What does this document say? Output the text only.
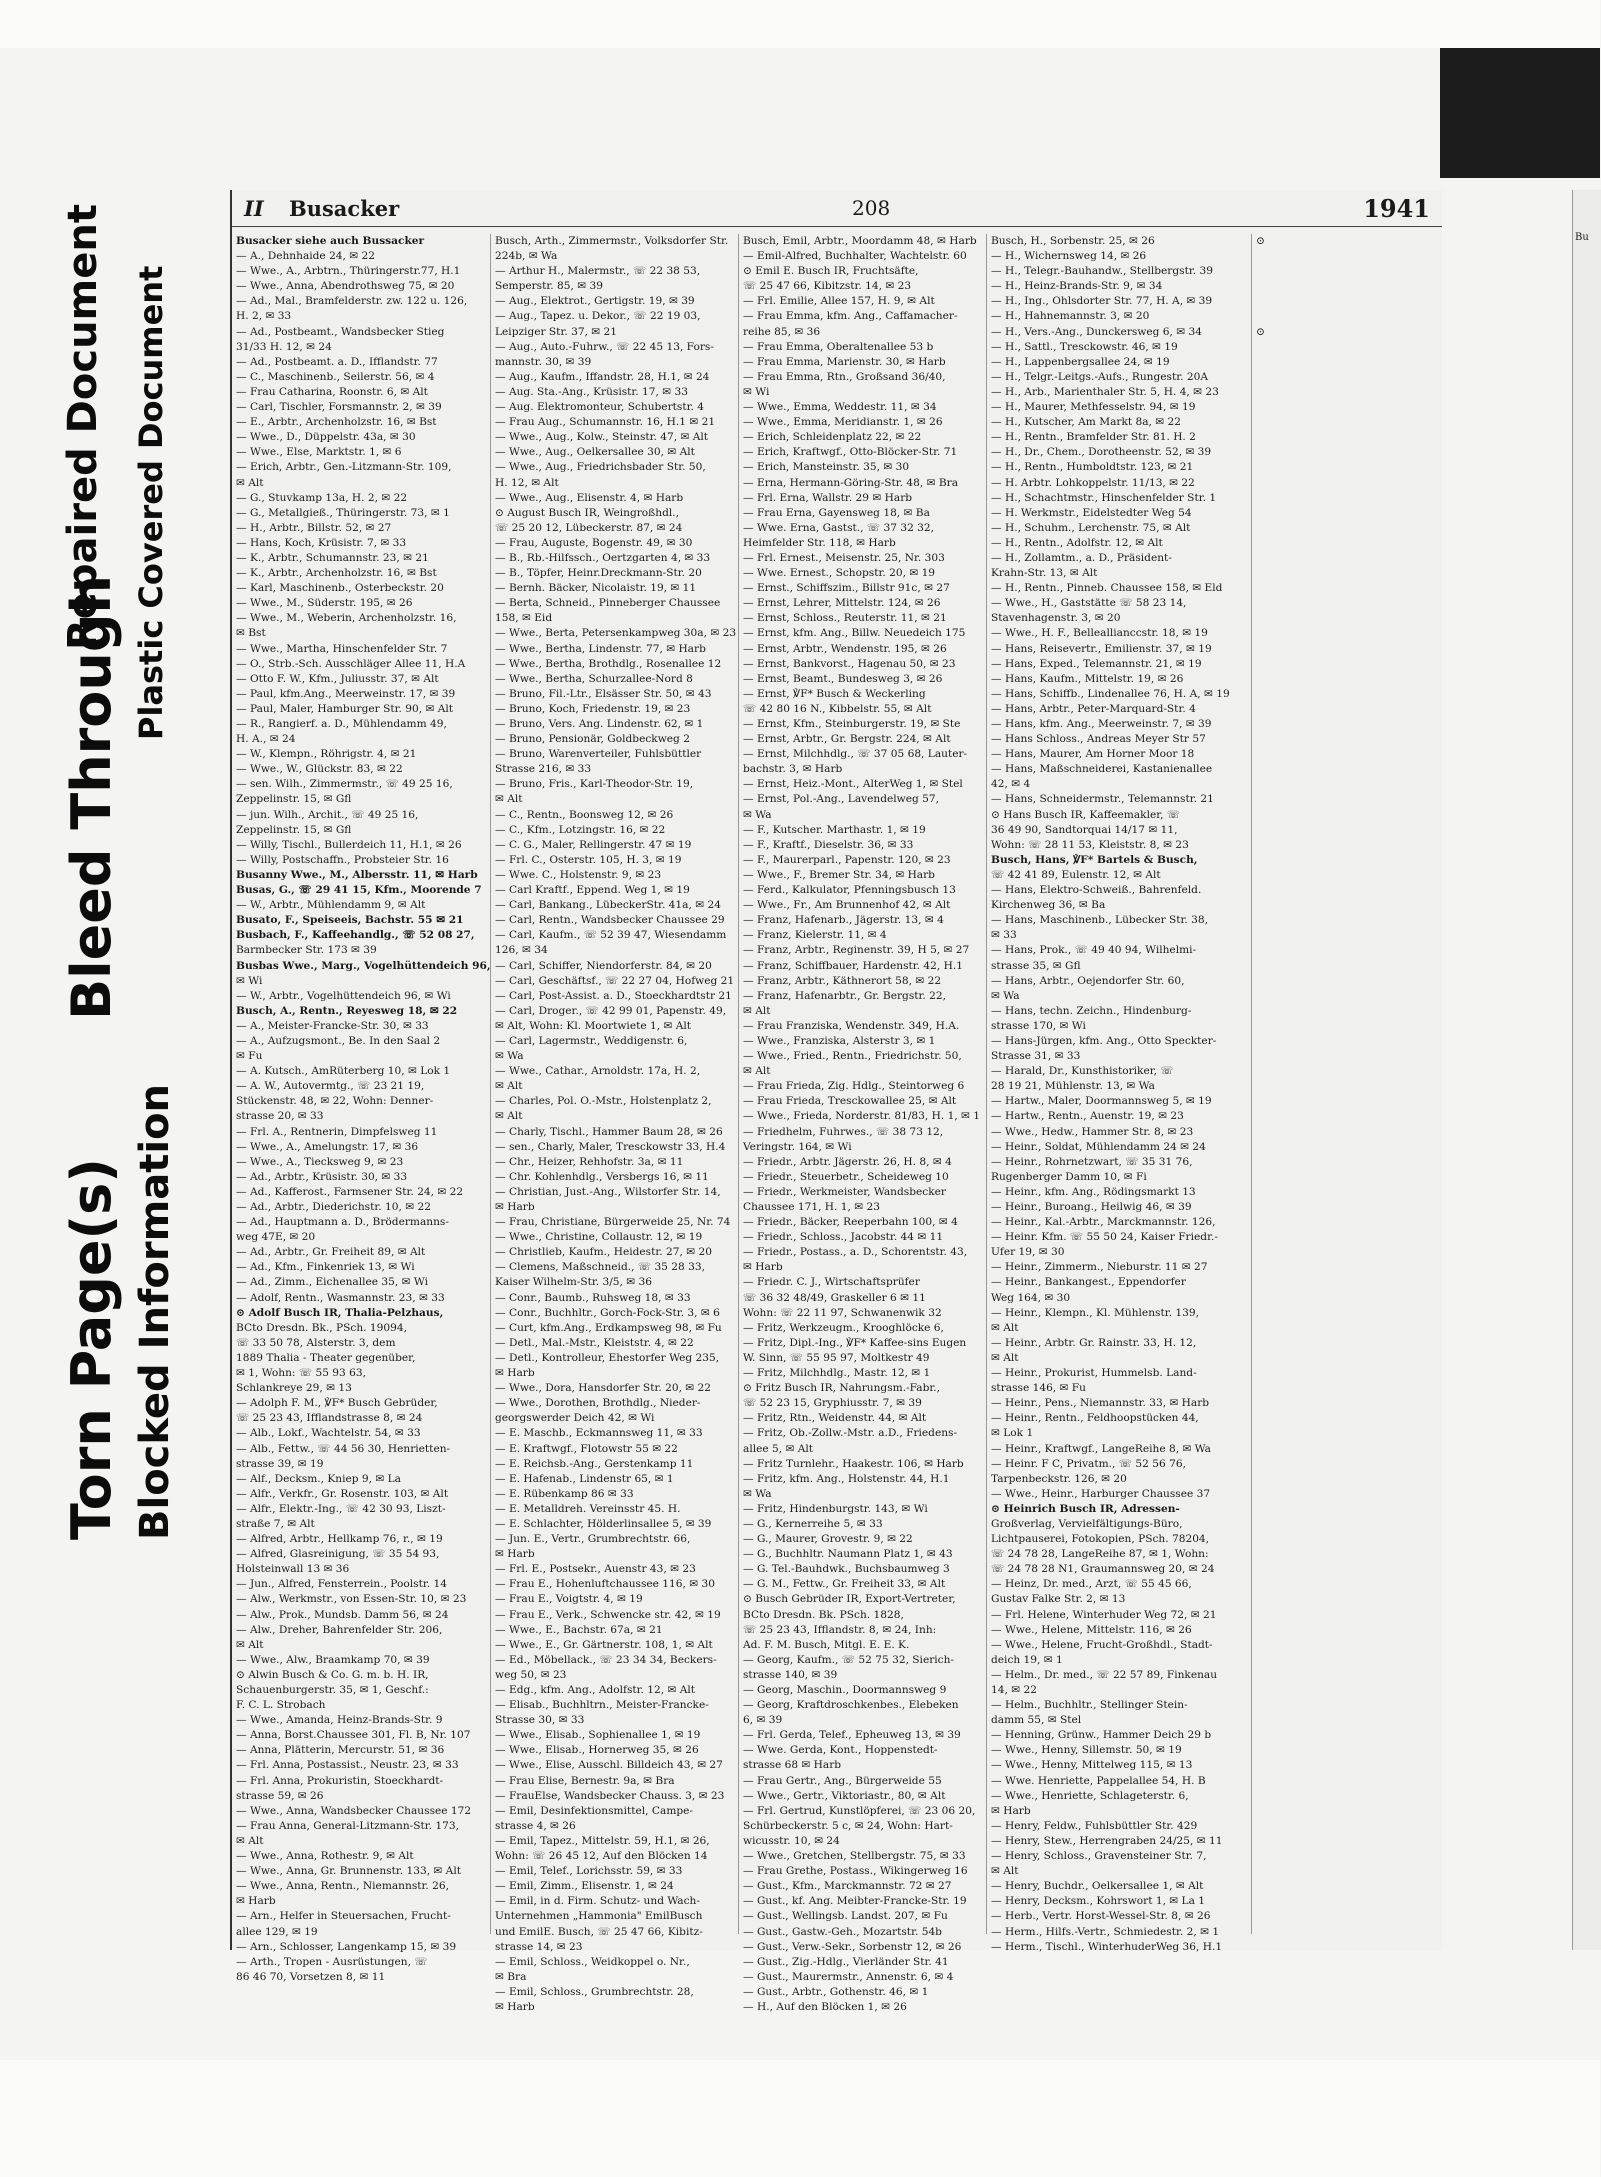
Torn Page(s) Blocked Information
Bleed Through
Repaired Document Plastic Covered Document
II Busacker	208	1941
Busacker siehe auch Bussacker
— A., Dehnhaide 24, ✉ 22
— Wwe., A., Arbtrn., Thüringerstr.77, H.1
— Wwe., Anna, Abendrothsweg 75, ✉ 20
— Ad., Mal., Bramfelderstr. zw. 122 u. 126,
H. 2, ✉ 33
— Ad., Postbeamt., Wandsbecker Stieg
31/33 H. 12, ✉ 24
— Ad., Postbeamt. a. D., Ifflandstr. 77
— C., Maschinenb., Seilerstr. 56, ✉ 4
— Frau Catharina, Roonstr. 6, ✉ Alt
— Carl, Tischler, Forsmannstr. 2, ✉ 39
— E., Arbtr., Archenholzstr. 16, ✉ Bst
— Wwe., D., Düppelstr. 43a, ✉ 30
— Wwe., Else, Marktstr. 1, ✉ 6
— Erich, Arbtr., Gen.-Litzmann-Str. 109,
✉ Alt
— G., Stuvkamp 13a, H. 2, ✉ 22
— G., Metallgieß., Thüringerstr. 73, ✉ 1
— H., Arbtr., Billstr. 52, ✉ 27
— Hans, Koch, Krüsistr. 7, ✉ 33
— K., Arbtr., Schumannstr. 23, ✉ 21
— K., Arbtr., Archenholzstr. 16, ✉ Bst
— Karl, Maschinenb., Osterbeckstr. 20
— Wwe., M., Süderstr. 195, ✉ 26
— Wwe., M., Weberin, Archenholzstr. 16,
✉ Bst
— Wwe., Martha, Hinschenfelder Str. 7
— O., Strb.-Sch. Ausschläger Allee 11, H.A
— Otto F. W., Kfm., Juliusstr. 37, ✉ Alt
— Paul, kfm.Ang., Meerweinstr. 17, ✉ 39
— Paul, Maler, Hamburger Str. 90, ✉ Alt
— R., Rangierf. a. D., Mühlendamm 49,
H. A., ✉ 24
— W., Klempn., Röhrigstr. 4, ✉ 21
— Wwe., W., Glückstr. 83, ✉ 22
— sen. Wilh., Zimmermstr., ☏ 49 25 16,
Zeppelinstr. 15, ✉ Gfl
— jun. Wilh., Archit., ☏ 49 25 16,
Zeppelinstr. 15, ✉ Gfl
— Willy, Tischl., Bullerdeich 11, H.1, ✉ 26
— Willy, Postschaffn., Probsteier Str. 16
Busanny Wwe., M., Albersstr. 11, ✉ Harb
Busas, G., ☏ 29 41 15, Kfm., Moorende 7
— W., Arbtr., Mühlendamm 9, ✉ Alt
Busato, F., Speiseeis, Bachstr. 55 ✉ 21
Busbach, F., Kaffeehandlg., ☏ 52 08 27,
Barmbecker Str. 173 ✉ 39
Busbas Wwe., Marg., Vogelhüttendeich 96,
✉ Wi
— W., Arbtr., Vogelhüttendeich 96, ✉ Wi
Busch, A., Rentn., Reyesweg 18, ✉ 22
— A., Meister-Francke-Str. 30, ✉ 33
— A., Aufzugsmont., Be. In den Saal 2
✉ Fu
— A. Kutsch., AmRüterberg 10, ✉ Lok 1
— A. W., Autovermtg., ☏ 23 21 19,
Stückenstr. 48, ✉ 22, Wohn: Denner-
strasse 20, ✉ 33
— Frl. A., Rentnerin, Dimpfelsweg 11
— Wwe., A., Amelungstr. 17, ✉ 36
— Wwe., A., Tiecksweg 9, ✉ 23
— Ad., Arbtr., Krüsistr. 30, ✉ 33
— Ad., Kafferost., Farmsener Str. 24, ✉ 22
— Ad., Arbtr., Diederichstr. 10, ✉ 22
— Ad., Hauptmann a. D., Brödermanns-
weg 47E, ✉ 20
— Ad., Arbtr., Gr. Freiheit 89, ✉ Alt
— Ad., Kfm., Finkenriek 13, ✉ Wi
— Ad., Zimm., Eichenallee 35, ✉ Wi
— Adolf, Rentn., Wasmannstr. 23, ✉ 33
⊙ Adolf Busch IR, Thalia-Pelzhaus,
BCto Dresdn. Bk., PSch. 19094,
☏ 33 50 78, Alsterstr. 3, dem
1889 Thalia - Theater gegenüber,
✉ 1, Wohn: ☏ 55 93 63,
Schlankreye 29, ✉ 13
— Adolph F. M., ℣F* Busch Gebrüder,
☏ 25 23 43, Ifflandstrasse 8, ✉ 24
— Alb., Lokf., Wachtelstr. 54, ✉ 33
— Alb., Fettw., ☏ 44 56 30, Henrietten-
strasse 39, ✉ 19
— Alf., Decksm., Kniep 9, ✉ La
— Alfr., Verkfr., Gr. Rosenstr. 103, ✉ Alt
— Alfr., Elektr.-Ing., ☏ 42 30 93, Liszt-
straße 7, ✉ Alt
— Alfred, Arbtr., Hellkamp 76, r., ✉ 19
— Alfred, Glasreinigung, ☏ 35 54 93,
Holsteinwall 13 ✉ 36
— Jun., Alfred, Fensterrein., Poolstr. 14
— Alw., Werkmstr., von Essen-Str. 10, ✉ 23
— Alw., Prok., Mundsb. Damm 56, ✉ 24
— Alw., Dreher, Bahrenfelder Str. 206,
✉ Alt
— Wwe., Alw., Braamkamp 70, ✉ 39
⊙ Alwin Busch & Co. G. m. b. H. IR,
Schauenburgerstr. 35, ✉ 1, Geschf.:
F. C. L. Strobach
— Wwe., Amanda, Heinz-Brands-Str. 9
— Anna, Borst.Chaussee 301, Fl. B, Nr. 107
— Anna, Plätterin, Mercurstr. 51, ✉ 36
— Frl. Anna, Postassist., Neustr. 23, ✉ 33
— Frl. Anna, Prokuristin, Stoeckhardt-
strasse 59, ✉ 26
— Wwe., Anna, Wandsbecker Chaussee 172
— Frau Anna, General-Litzmann-Str. 173,
✉ Alt
— Wwe., Anna, Rothestr. 9, ✉ Alt
— Wwe., Anna, Gr. Brunnenstr. 133, ✉ Alt
— Wwe., Anna, Rentn., Niemannstr. 26,
✉ Harb
— Arn., Helfer in Steuersachen, Frucht-
allee 129, ✉ 19
— Arn., Schlosser, Langenkamp 15, ✉ 39
— Arth., Tropen - Ausrüstungen, ☏
86 46 70, Vorsetzen 8, ✉ 11
Busch, Arth., Zimmermstr., Volksdorfer Str.
224b, ✉ Wa
— Arthur H., Malermstr., ☏ 22 38 53,
Semperstr. 85, ✉ 39
— Aug., Elektrot., Gertigstr. 19, ✉ 39
— Aug., Tapez. u. Dekor., ☏ 22 19 03,
Leipziger Str. 37, ✉ 21
— Aug., Auto.-Fuhrw., ☏ 22 45 13, Fors-
mannstr. 30, ✉ 39
— Aug., Kaufm., Iffandstr. 28, H.1, ✉ 24
— Aug. Sta.-Ang., Krüsistr. 17, ✉ 33
— Aug. Elektromonteur, Schubertstr. 4
— Frau Aug., Schumannstr. 16, H.1 ✉ 21
— Wwe., Aug., Kolw., Steinstr. 47, ✉ Alt
— Wwe., Aug., Oelkersallee 30, ✉ Alt
— Wwe., Aug., Friedrichsbader Str. 50,
H. 12, ✉ Alt
— Wwe., Aug., Elisenstr. 4, ✉ Harb
⊙ August Busch IR, Weingroßhdl.,
☏ 25 20 12, Lübeckerstr. 87, ✉ 24
— Frau, Auguste, Bogenstr. 49, ✉ 30
— B., Rb.-Hilfssch., Oertzgarten 4, ✉ 33
— B., Töpfer, Heinr.Dreckmann-Str. 20
— Bernh. Bäcker, Nicolaistr. 19, ✉ 11
— Berta, Schneid., Pinneberger Chaussee
158, ✉ Eid
— Wwe., Berta, Petersenkampweg 30a, ✉ 23
— Wwe., Bertha, Lindenstr. 77, ✉ Harb
— Wwe., Bertha, Brothdlg., Rosenallee 12
— Wwe., Bertha, Schurzallee-Nord 8
— Bruno, Fil.-Ltr., Elsässer Str. 50, ✉ 43
— Bruno, Koch, Friedenstr. 19, ✉ 23
— Bruno, Vers. Ang. Lindenstr. 62, ✉ 1
— Bruno, Pensionär, Goldbeckweg 2
— Bruno, Warenverteiler, Fuhlsbüttler
Strasse 216, ✉ 33
— Bruno, Fris., Karl-Theodor-Str. 19,
✉ Alt
— C., Rentn., Boonsweg 12, ✉ 26
— C., Kfm., Lotzingstr. 16, ✉ 22
— C. G., Maler, Rellingerstr. 47 ✉ 19
— Frl. C., Osterstr. 105, H. 3, ✉ 19
— Wwe. C., Holstenstr. 9, ✉ 23
— Carl Kraftf., Eppend. Weg 1, ✉ 19
— Carl, Bankang., LübeckerStr. 41a, ✉ 24
— Carl, Rentn., Wandsbecker Chaussee 29
— Carl, Kaufm., ☏ 52 39 47, Wiesendamm
126, ✉ 34
— Carl, Schiffer, Niendorferstr. 84, ✉ 20
— Carl, Geschäftsf., ☏ 22 27 04, Hofweg 21
— Carl, Post-Assist. a. D., Stoeckhardtstr 21
— Carl, Droger., ☏ 42 99 01, Papenstr. 49,
✉ Alt, Wohn: Kl. Moortwiete 1, ✉ Alt
— Carl, Lagermstr., Weddigenstr. 6,
✉ Wa
— Wwe., Cathar., Arnoldstr. 17a, H. 2,
✉ Alt
— Charles, Pol. O.-Mstr., Holstenplatz 2,
✉ Alt
— Charly, Tischl., Hammer Baum 28, ✉ 26
— sen., Charly, Maler, Tresckowstr 33, H.4
— Chr., Heizer, Rehhofstr. 3a, ✉ 11
— Chr. Kohlenhdlg., Versbergs 16, ✉ 11
— Christian, Just.-Ang., Wilstorfer Str. 14,
✉ Harb
— Frau, Christiane, Bürgerweide 25, Nr. 74
— Wwe., Christine, Collaustr. 12, ✉ 19
— Christlieb, Kaufm., Heidestr. 27, ✉ 20
— Clemens, Maßschneid., ☏ 35 28 33,
Kaiser Wilhelm-Str. 3/5, ✉ 36
— Conr., Baumb., Ruhsweg 18, ✉ 33
— Conr., Buchhltr., Gorch-Fock-Str. 3, ✉ 6
— Curt, kfm.Ang., Erdkampsweg 98, ✉ Fu
— Detl., Mal.-Mstr., Kleiststr. 4, ✉ 22
— Detl., Kontrolleur, Ehestorfer Weg 235,
✉ Harb
— Wwe., Dora, Hansdorfer Str. 20, ✉ 22
— Wwe., Dorothen, Brothdlg., Nieder-
georgswerder Deich 42, ✉ Wi
— E. Maschb., Eckmannsweg 11, ✉ 33
— E. Kraftwgf., Flotowstr 55 ✉ 22
— E. Reichsb.-Ang., Gerstenkamp 11
— E. Hafenab., Lindenstr 65, ✉ 1
— E. Rübenkamp 86 ✉ 33
— E. Metalldreh. Vereinsstr 45. H.
— E. Schlachter, Hölderlinsallee 5, ✉ 39
— Jun. E., Vertr., Grumbrechtstr. 66,
✉ Harb
— Frl. E., Postsekr., Auenstr 43, ✉ 23
— Frau E., Hohenluftchaussee 116, ✉ 30
— Frau E., Voigtstr. 4, ✉ 19
— Frau E., Verk., Schwencke str. 42, ✉ 19
— Wwe., E., Bachstr. 67a, ✉ 21
— Wwe., E., Gr. Gärtnerstr. 108, 1, ✉ Alt
— Ed., Möbellack., ☏ 23 34 34, Beckers-
weg 50, ✉ 23
— Edg., kfm. Ang., Adolfstr. 12, ✉ Alt
— Elisab., Buchhltrn., Meister-Francke-
Strasse 30, ✉ 33
— Wwe., Elisab., Sophienallee 1, ✉ 19
— Wwe., Elisab., Hornerweg 35, ✉ 26
— Wwe., Elise, Ausschl. Billdeich 43, ✉ 27
— Frau Elise, Bernestr. 9a, ✉ Bra
— FrauElse, Wandsbecker Chauss. 3, ✉ 23
— Emil, Desinfektionsmittel, Campe-
strasse 4, ✉ 26
— Emil, Tapez., Mittelstr. 59, H.1, ✉ 26,
Wohn: ☏ 26 45 12, Auf den Blöcken 14
— Emil, Telef., Lorichsstr. 59, ✉ 33
— Emil, Zimm., Elisenstr. 1, ✉ 24
— Emil, in d. Firm. Schutz- und Wach-
Unternehmen „Hammonia" EmilBusch
und EmilE. Busch, ☏ 25 47 66, Kibitz-
strasse 14, ✉ 23
— Emil, Schloss., Weidkoppel o. Nr.,
✉ Bra
— Emil, Schloss., Grumbrechtstr. 28,
✉ Harb
Busch, Emil, Arbtr., Moordamm 48, ✉ Harb
— Emil-Alfred, Buchhalter, Wachtelstr. 60
⊙ Emil E. Busch IR, Fruchtsäfte,
☏ 25 47 66, Kibitzstr. 14, ✉ 23
— Frl. Emilie, Allee 157, H. 9, ✉ Alt
— Frau Emma, kfm. Ang., Caffamacher-
reihe 85, ✉ 36
— Frau Emma, Oberaltenallee 53 b
— Frau Emma, Marienstr. 30, ✉ Harb
— Frau Emma, Rtn., Großsand 36/40,
✉ Wi
— Wwe., Emma, Weddestr. 11, ✉ 34
— Wwe., Emma, Meridianstr. 1, ✉ 26
— Erich, Schleidenplatz 22, ✉ 22
— Erich, Kraftwgf., Otto-Blöcker-Str. 71
— Erich, Mansteinstr. 35, ✉ 30
— Erna, Hermann-Göring-Str. 48, ✉ Bra
— Frl. Erna, Wallstr. 29 ✉ Harb
— Frau Erna, Gayensweg 18, ✉ Ba
— Wwe. Erna, Gastst., ☏ 37 32 32,
Heimfelder Str. 118, ✉ Harb
— Frl. Ernest., Meisenstr. 25, Nr. 303
— Wwe. Ernest., Schopstr. 20, ✉ 19
— Ernst., Schiffszim., Billstr 91c, ✉ 27
— Ernst, Lehrer, Mittelstr. 124, ✉ 26
— Ernst, Schloss., Reuterstr. 11, ✉ 21
— Ernst, kfm. Ang., Billw. Neuedeich 175
— Ernst, Arbtr., Wendenstr. 195, ✉ 26
— Ernst, Bankvorst., Hagenau 50, ✉ 23
— Ernst, Beamt., Bundesweg 3, ✉ 26
— Ernst, ℣F* Busch & Weckerling
☏ 42 80 16 N., Kibbelstr. 55, ✉ Alt
— Ernst, Kfm., Steinburgerstr. 19, ✉ Ste
— Ernst, Arbtr., Gr. Bergstr. 224, ✉ Alt
— Ernst, Milchhdlg., ☏ 37 05 68, Lauter-
bachstr. 3, ✉ Harb
— Ernst, Heiz.-Mont., AlterWeg 1, ✉ Stel
— Ernst, Pol.-Ang., Lavendelweg 57,
✉ Wa
— F., Kutscher. Marthastr. 1, ✉ 19
— F., Kraftf., Dieselstr. 36, ✉ 33
— F., Maurerparl., Papenstr. 120, ✉ 23
— Wwe., F., Bremer Str. 34, ✉ Harb
— Ferd., Kalkulator, Pfenningsbusch 13
— Wwe., Fr., Am Brunnenhof 42, ✉ Alt
— Franz, Hafenarb., Jägerstr. 13, ✉ 4
— Franz, Kielerstr. 11, ✉ 4
— Franz, Arbtr., Reginenstr. 39, H 5, ✉ 27
— Franz, Schiffbauer, Hardenstr. 42, H.1
— Franz, Arbtr., Käthnerort 58, ✉ 22
— Franz, Hafenarbtr., Gr. Bergstr. 22,
✉ Alt
— Frau Franziska, Wendenstr. 349, H.A.
— Wwe., Franziska, Alsterstr 3, ✉ 1
— Wwe., Fried., Rentn., Friedrichstr. 50,
✉ Alt
— Frau Frieda, Zig. Hdlg., Steintorweg 6
— Frau Frieda, Tresckowallee 25, ✉ Alt
— Wwe., Frieda, Norderstr. 81/83, H. 1, ✉ 1
— Friedhelm, Fuhrwes., ☏ 38 73 12,
Veringstr. 164, ✉ Wi
— Friedr., Arbtr. Jägerstr. 26, H. 8, ✉ 4
— Friedr., Steuerbetr., Scheideweg 10
— Friedr., Werkmeister, Wandsbecker
Chaussee 171, H. 1, ✉ 23
— Friedr., Bäcker, Reeperbahn 100, ✉ 4
— Friedr., Schloss., Jacobstr. 44 ✉ 11
— Friedr., Postass., a. D., Schorentstr. 43,
✉ Harb
— Friedr. C. J., Wirtschaftsprüfer
☏ 36 32 48/49, Graskeller 6 ✉ 11
Wohn: ☏ 22 11 97, Schwanenwik 32
— Fritz, Werkzeugm., Krooghlöcke 6,
— Fritz, Dipl.-Ing., ℣F* Kaffee-sins Eugen
W. Sinn, ☏ 55 95 97, Moltkestr 49
— Fritz, Milchhdlg., Mastr. 12, ✉ 1
⊙ Fritz Busch IR, Nahrungsm.-Fabr.,
☏ 52 23 15, Gryphiusstr. 7, ✉ 39
— Fritz, Rtn., Weidenstr. 44, ✉ Alt
— Fritz, Ob.-Zollw.-Mstr. a.D., Friedens-
allee 5, ✉ Alt
— Fritz Turnlehr., Haakestr. 106, ✉ Harb
— Fritz, kfm. Ang., Holstenstr. 44, H.1
✉ Wa
— Fritz, Hindenburgstr. 143, ✉ Wi
— G., Kernerreihe 5, ✉ 33
— G., Maurer, Grovestr. 9, ✉ 22
— G., Buchhltr. Naumann Platz 1, ✉ 43
— G. Tel.-Bauhdwk., Buchsbaumweg 3
— G. M., Fettw., Gr. Freiheit 33, ✉ Alt
⊙ Busch Gebrüder IR, Export-Vertreter,
BCto Dresdn. Bk. PSch. 1828,
☏ 25 23 43, Ifflandstr. 8, ✉ 24, Inh:
Ad. F. M. Busch, Mitgl. E. E. K.
— Georg, Kaufm., ☏ 52 75 32, Sierich-
strasse 140, ✉ 39
— Georg, Maschin., Doormannsweg 9
— Georg, Kraftdroschkenbes., Elebeken
6, ✉ 39
— Frl. Gerda, Telef., Epheuweg 13, ✉ 39
— Wwe. Gerda, Kont., Hoppenstedt-
strasse 68 ✉ Harb
— Frau Gertr., Ang., Bürgerweide 55
— Wwe., Gertr., Viktoriastr., 80, ✉ Alt
— Frl. Gertrud, Kunstlöpferei, ☏ 23 06 20,
Schürbeckerstr. 5 c, ✉ 24, Wohn: Hart-
wicusstr. 10, ✉ 24
— Wwe., Gretchen, Stellbergstr. 75, ✉ 33
— Frau Grethe, Postass., Wikingerweg 16
— Gust., Kfm., Marckmannstr. 72 ✉ 27
— Gust., kf. Ang. Meibter-Francke-Str. 19
— Gust., Wellingsb. Landst. 207, ✉ Fu
— Gust., Gastw.-Geh., Mozartstr. 54b
— Gust., Verw.-Sekr., Sorbenstr 12, ✉ 26
— Gust., Zig.-Hdlg., Vierländer Str. 41
— Gust., Maurermstr., Annenstr. 6, ✉ 4
— Gust., Arbtr., Gothenstr. 46, ✉ 1
— H., Auf den Blöcken 1, ✉ 26
Busch, H., Sorbenstr. 25, ✉ 26
— H., Wichernsweg 14, ✉ 26
— H., Telegr.-Bauhandw., Stellbergstr. 39
— H., Heinz-Brands-Str. 9, ✉ 34
— H., Ing., Ohlsdorter Str. 77, H. A, ✉ 39
— H., Hahnemannstr. 3, ✉ 20
— H., Vers.-Ang., Dunckersweg 6, ✉ 34
— H., Sattl., Tresckowstr. 46, ✉ 19
— H., Lappenbergsallee 24, ✉ 19
— H., Telgr.-Leitgs.-Aufs., Rungestr. 20A
— H., Arb., Marienthaler Str. 5, H. 4, ✉ 23
— H., Maurer, Methfesselstr. 94, ✉ 19
— H., Kutscher, Am Markt 8a, ✉ 22
— H., Rentn., Bramfelder Str. 81. H. 2
— H., Dr., Chem., Dorotheenstr. 52, ✉ 39
— H., Rentn., Humboldtstr. 123, ✉ 21
— H. Arbtr. Lohkoppelstr. 11/13, ✉ 22
— H., Schachtmstr., Hinschenfelder Str. 1
— H. Werkmstr., Eidelstedter Weg 54
— H., Schuhm., Lerchenstr. 75, ✉ Alt
— H., Rentn., Adolfstr. 12, ✉ Alt
— H., Zollamtm., a. D., Präsident-
Krahn-Str. 13, ✉ Alt
— H., Rentn., Pinneb. Chaussee 158, ✉ Eld
— Wwe., H., Gaststätte ☏ 58 23 14,
Stavenhagenstr. 3, ✉ 20
— Wwe., H. F., Belleallianccstr. 18, ✉ 19
— Hans, Reisevertr., Emilienstr. 37, ✉ 19
— Hans, Exped., Telemannstr. 21, ✉ 19
— Hans, Kaufm., Mittelstr. 19, ✉ 26
— Hans, Schiffb., Lindenallee 76, H. A, ✉ 19
— Hans, Arbtr., Peter-Marquard-Str. 4
— Hans, kfm. Ang., Meerweinstr. 7, ✉ 39
— Hans Schloss., Andreas Meyer Str 57
— Hans, Maurer, Am Horner Moor 18
— Hans, Maßschneiderei, Kastanienallee
42, ✉ 4
— Hans, Schneidermstr., Telemannstr. 21
⊙ Hans Busch IR, Kaffeemakler, ☏
36 49 90, Sandtorquai 14/17 ✉ 11,
Wohn: ☏ 28 11 53, Kleiststr. 8, ✉ 23
Busch, Hans, ℣F* Bartels & Busch,
☏ 42 41 89, Eulenstr. 12, ✉ Alt
— Hans, Elektro-Schweiß., Bahrenfeld.
Kirchenweg 36, ✉ Ba
— Hans, Maschinenb., Lübecker Str. 38,
✉ 33
— Hans, Prok., ☏ 49 40 94, Wilhelmi-
strasse 35, ✉ Gfl
— Hans, Arbtr., Oejendorfer Str. 60,
✉ Wa
— Hans, techn. Zeichn., Hindenburg-
strasse 170, ✉ Wi
— Hans-Jürgen, kfm. Ang., Otto Speckter-
Strasse 31, ✉ 33
— Harald, Dr., Kunsthistoriker, ☏
28 19 21, Mühlenstr. 13, ✉ Wa
— Hartw., Maler, Doormannsweg 5, ✉ 19
— Hartw., Rentn., Auenstr. 19, ✉ 23
— Wwe., Hedw., Hammer Str. 8, ✉ 23
— Heinr., Soldat, Mühlendamm 24 ✉ 24
— Heinr., Rohrnetzwart, ☏ 35 31 76,
Rugenberger Damm 10, ✉ Fi
— Heinr., kfm. Ang., Rödingsmarkt 13
— Heinr., Buroang., Heilwig 46, ✉ 39
— Heinr., Kal.-Arbtr., Marckmannstr. 126,
— Heinr. Kfm. ☏ 55 50 24, Kaiser Friedr.-
Ufer 19, ✉ 30
— Heinr., Zimmerm., Nieburstr. 11 ✉ 27
— Heinr., Bankangest., Eppendorfer
Weg 164, ✉ 30
— Heinr., Klempn., Kl. Mühlenstr. 139,
✉ Alt
— Heinr., Arbtr. Gr. Rainstr. 33, H. 12,
✉ Alt
— Heinr., Prokurist, Hummelsb. Land-
strasse 146, ✉ Fu
— Heinr., Pens., Niemannstr. 33, ✉ Harb
— Heinr., Rentn., Feldhoopstücken 44,
✉ Lok 1
— Heinr., Kraftwgf., LangeReihe 8, ✉ Wa
— Heinr. F C, Privatm., ☏ 52 56 76,
Tarpenbeckstr. 126, ✉ 20
— Wwe., Heinr., Harburger Chaussee 37
⊙ Heinrich Busch IR, Adressen-
Großverlag, Vervielfältigungs-Büro,
Lichtpauserei, Fotokopien, PSch. 78204,
☏ 24 78 28, LangeReihe 87, ✉ 1, Wohn:
☏ 24 78 28 N1, Graumannsweg 20, ✉ 24
— Heinz, Dr. med., Arzt, ☏ 55 45 66,
Gustav Falke Str. 2, ✉ 13
— Frl. Helene, Winterhuder Weg 72, ✉ 21
— Wwe., Helene, Mittelstr. 116, ✉ 26
— Wwe., Helene, Frucht-Großhdl., Stadt-
deich 19, ✉ 1
— Helm., Dr. med., ☏ 22 57 89, Finkenau
14, ✉ 22
— Helm., Buchhltr., Stellinger Stein-
damm 55, ✉ Stel
— Henning, Grünw., Hammer Deich 29 b
— Wwe., Henny, Sillemstr. 50, ✉ 19
— Wwe., Henny, Mittelweg 115, ✉ 13
— Wwe. Henriette, Pappelallee 54, H. B
— Wwe., Henriette, Schlageterstr. 6,
✉ Harb
— Henry, Feldw., Fuhlsbüttler Str. 429
— Henry, Stew., Herrengraben 24/25, ✉ 11
— Henry, Schloss., Gravensteiner Str. 7,
✉ Alt
— Henry, Buchdr., Oelkersallee 1, ✉ Alt
— Henry, Decksm., Kohrswort 1, ✉ La 1
— Herb., Vertr. Horst-Wessel-Str. 8, ✉ 26
— Herm., Hilfs.-Vertr., Schmiedestr. 2, ✉ 1
— Herm., Tischl., WinterhuderWeg 36, H.1
⊙

⊙
Bu
